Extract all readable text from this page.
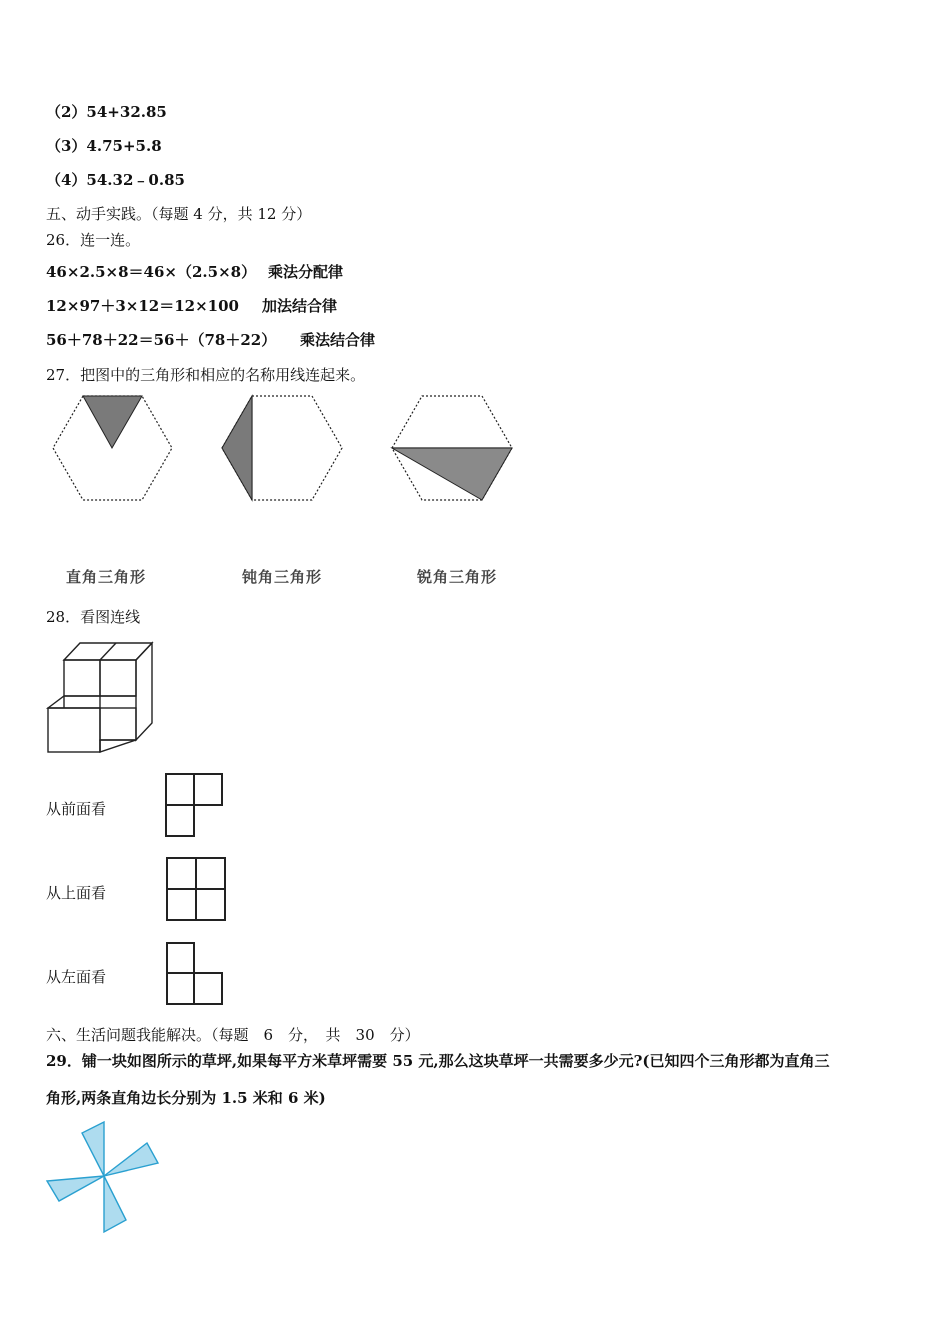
（2）54+32.85
（3）4.75+5.8
（4）54.32﹣0.85
五、动手实践。（每题 4 分，共 12 分）
26．连一连。
46×2.5×8＝46×（2.5×8） 乘法分配律
12×97＋3×12＝12×100 加法结合律
56＋78＋22＝56＋（78＋22） 乘法结合律
27．把图中的三角形和相应的名称用线连起来。
直角三角形	钝角三角形	锐角三角形
28．看图连线
从前面看
从上面看
从左面看
六、生活问题我能解决。（每题　6　分，　共　30　分）
29．铺一块如图所示的草坪,如果每平方米草坪需要 55 元,那么这块草坪一共需要多少元?(已知四个三角形都为直角三
角形,两条直角边长分别为 1.5 米和 6 米)
